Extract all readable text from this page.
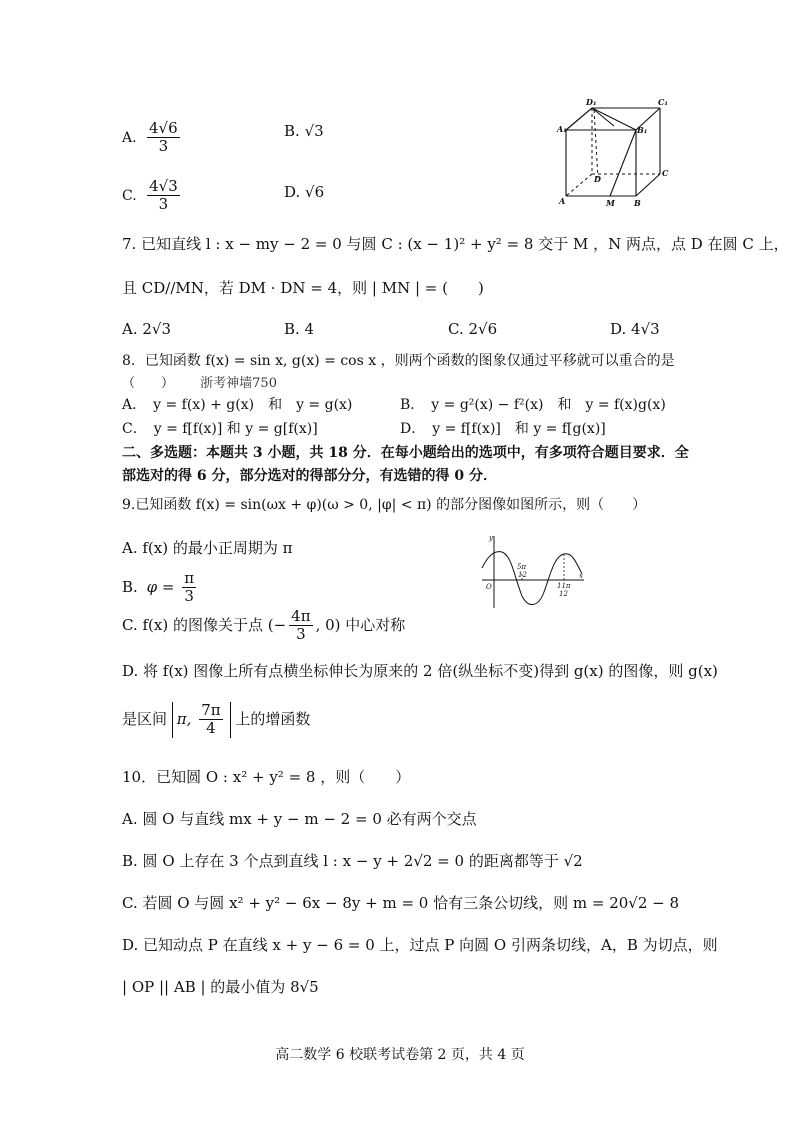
A. $\frac{4√6}{3}$	B. √3
C. $\frac{4√3}{3}$	D. √6
D₁	C₁
A₁	B₁
C
D
A	M B
7. 已知直线 l : x − my − 2 = 0 与圆 C : (x − 1)² + y² = 8 交于 M ，N 两点，点 D 在圆 C 上，
且 CD//MN，若 DM · DN = 4，则 | MN | = (　　)
A. 2√3	B. 4	C. 2√6	D. 4√3
8．已知函数 f(x) = sin x, g(x) = cos x ，则两个函数的图象仅通过平移就可以重合的是
（　　） 浙考神墙750
A．　y = f(x) + g(x)　和　y = g(x)	B．　y = g²(x) − f²(x)　和　y = f(x)g(x)
C．　y = f[f(x)] 和 y = g[f(x)]	D．　y = f[f(x)]　和 y = f[g(x)]
二、多选题：本题共 3 小题，共 18 分．在每小题给出的选项中，有多项符合题目要求．全
部选对的得 6 分，部分选对的得部分分，有选错的得 0 分．
9.已知函数 f(x) = sin(ωx + φ)(ω > 0, |φ| < π) 的部分图像如图所示，则（　　）
A. f(x) 的最小正周期为 π
B. $\varphi = \frac{\pi}{3}$
C. f(x) 的图像关于点 (− $\frac{4\pi}{3}$ , 0) 中心对称
D. 将 f(x) 图像上所有点横坐标伸长为原来的 2 倍(纵坐标不变)得到 g(x) 的图像，则 g(x)
是区间 π, $\frac{7\pi}{4}$ 上的增函数
y
x
O
5π
12
11π
12
10．已知圆 O : x² + y² = 8 ，则（　　）
A. 圆 O 与直线 mx + y − m − 2 = 0 必有两个交点
B. 圆 O 上存在 3 个点到直线 l : x − y + 2√2 = 0 的距离都等于 √2
C. 若圆 O 与圆 x² + y² − 6x − 8y + m = 0 恰有三条公切线，则 m = 20√2 − 8
D. 已知动点 P 在直线 x + y − 6 = 0 上，过点 P 向圆 O 引两条切线，A，B 为切点，则
| OP || AB | 的最小值为 8√5
高二数学 6 校联考试卷第 2 页，共 4 页
